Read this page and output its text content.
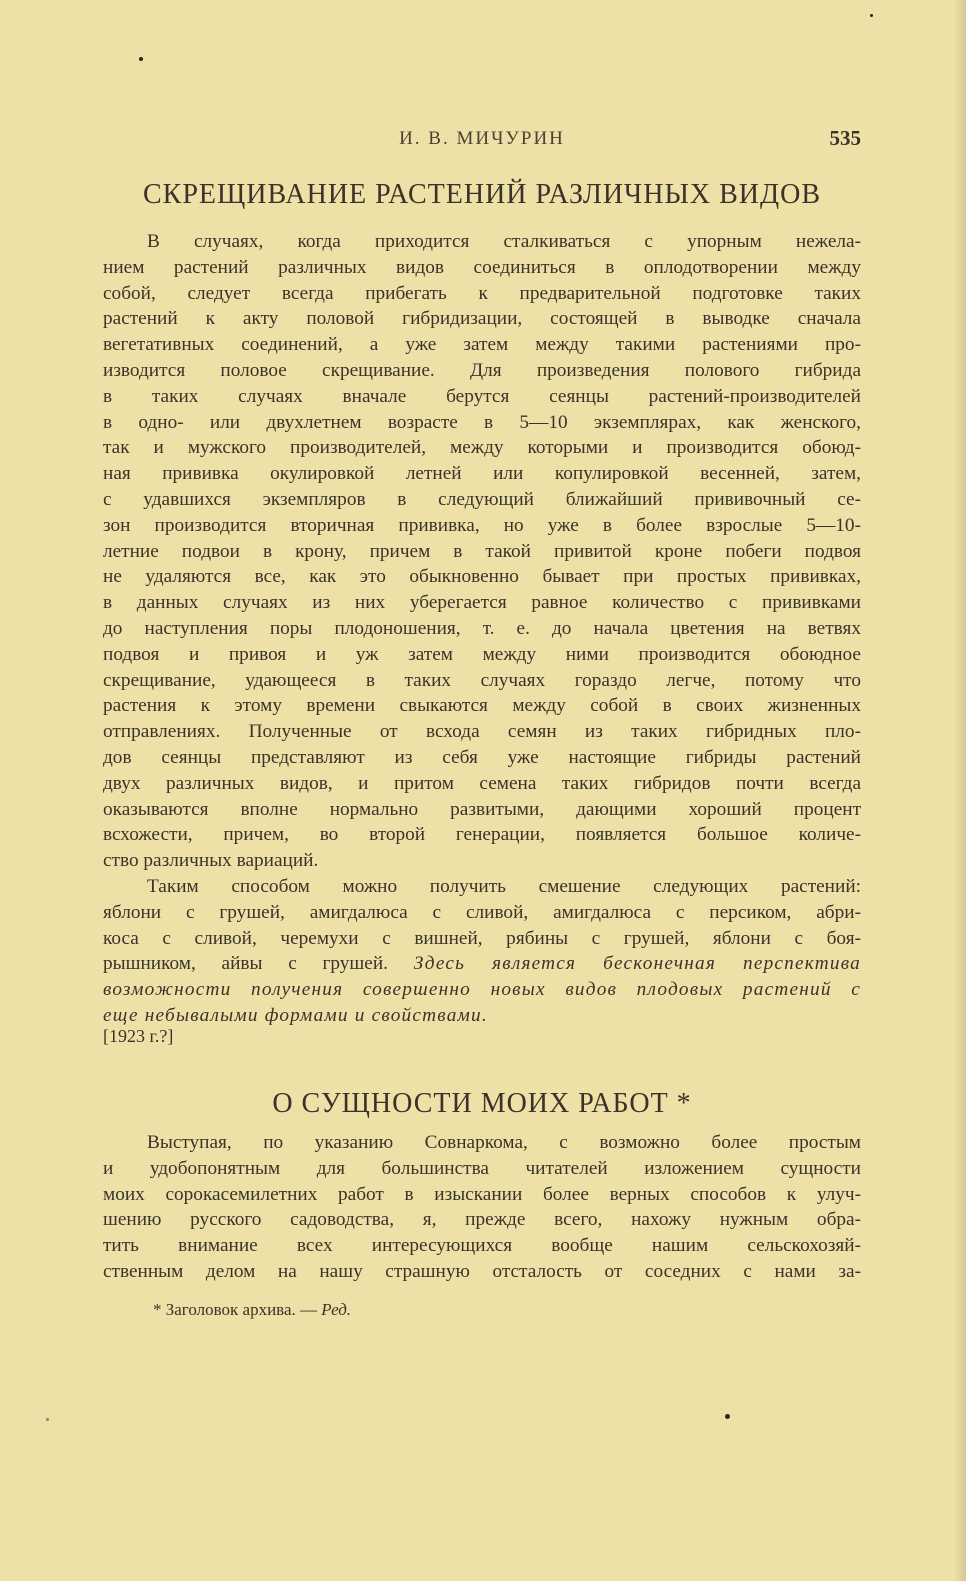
И. В. МИЧУРИН	535
СКРЕЩИВАНИЕ РАСТЕНИЙ РАЗЛИЧНЫХ ВИДОВ
В случаях, когда приходится сталкиваться с упорным нежела-
нием растений различных видов соединиться в оплодотворении между
собой, следует всегда прибегать к предварительной подготовке таких
растений к акту половой гибридизации, состоящей в выводке сначала
вегетативных соединений, а уже затем между такими растениями про-
изводится половое скрещивание. Для произведения полового гибрида
в таких случаях вначале берутся сеянцы растений-производителей
в одно- или двухлетнем возрасте в 5—10 экземплярах, как женского,
так и мужского производителей, между которыми и производится обоюд-
ная прививка окулировкой летней или копулировкой весенней, затем,
с удавшихся экземпляров в следующий ближайший прививочный се-
зон производится вторичная прививка, но уже в более взрослые 5—10-
летние подвои в крону, причем в такой привитой кроне побеги подвоя
не удаляются все, как это обыкновенно бывает при простых прививках,
в данных случаях из них уберегается равное количество с прививками
до наступления поры плодоношения, т. е. до начала цветения на ветвях
подвоя и привоя и уж затем между ними производится обоюдное
скрещивание, удающееся в таких случаях гораздо легче, потому что
растения к этому времени свыкаются между собой в своих жизненных
отправлениях. Полученные от всхода семян из таких гибридных пло-
дов сеянцы представляют из себя уже настоящие гибриды растений
двух различных видов, и притом семена таких гибридов почти всегда
оказываются вполне нормально развитыми, дающими хороший процент
всхожести, причем, во второй генерации, появляется большое количе-
ство различных вариаций.
Таким способом можно получить смешение следующих растений:
яблони с грушей, амигдалюса с сливой, амигдалюса с персиком, абри-
коса с сливой, черемухи с вишней, рябины с грушей, яблони с боя-
рышником, айвы с грушей. Здесь является бесконечная перспектива
возможности получения совершенно новых видов плодовых растений с
еще небывалыми формами и свойствами.
[1923 г.?]
О СУЩНОСТИ МОИХ РАБОТ *
Выступая, по указанию Совнаркома, с возможно более простым
и удобопонятным для большинства читателей изложением сущности
моих сорокасемилетних работ в изыскании более верных способов к улуч-
шению русского садоводства, я, прежде всего, нахожу нужным обра-
тить внимание всех интересующихся вообще нашим сельскохозяй-
ственным делом на нашу страшную отсталость от соседних с нами за-
* Заголовок архива. — Ред.
